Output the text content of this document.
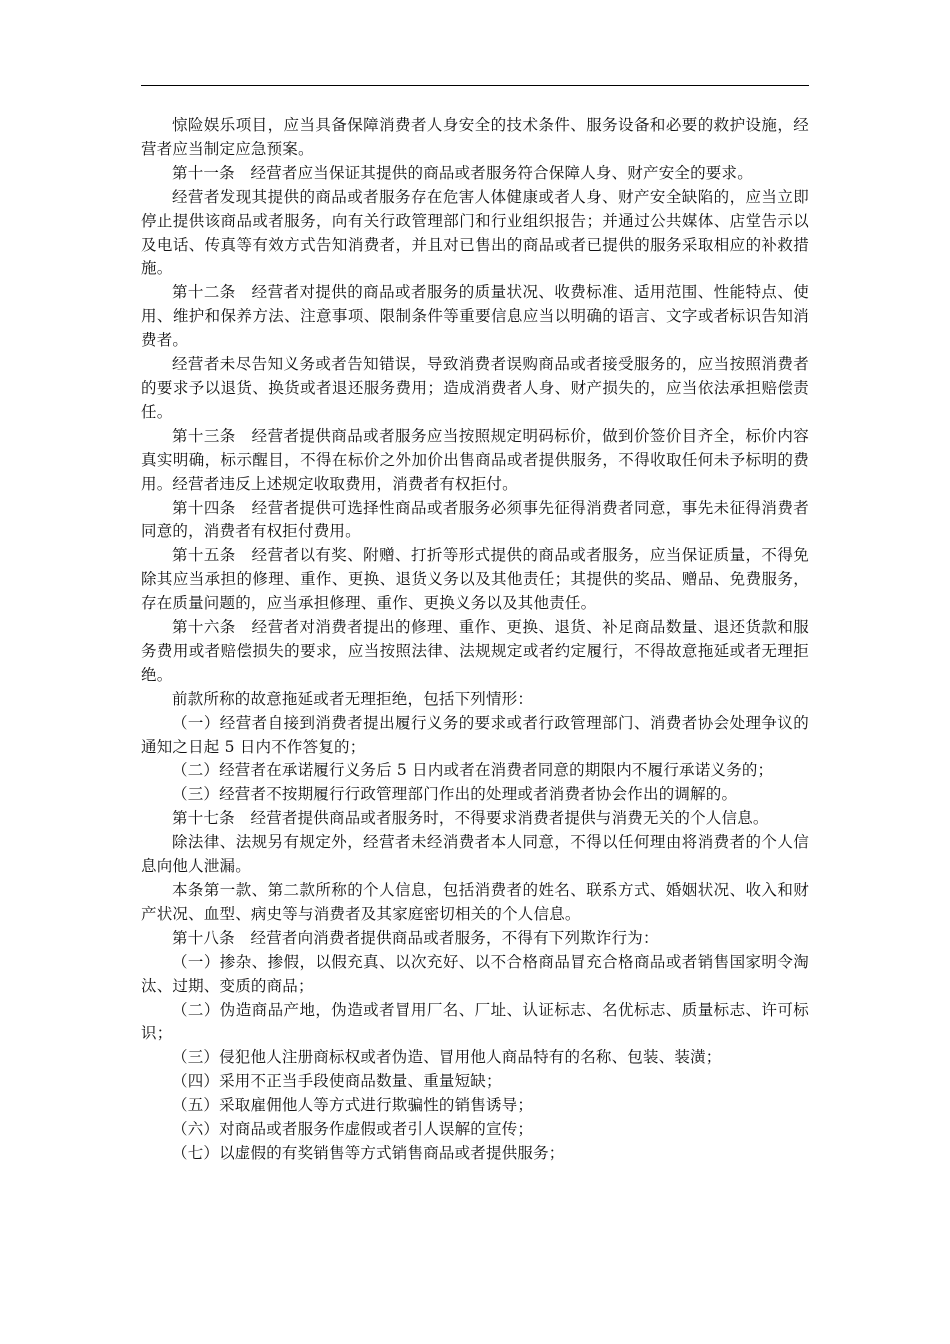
惊险娱乐项目，应当具备保障消费者人身安全的技术条件、服务设备和必要的救护设施，经营者应当制定应急预案。

第十一条　经营者应当保证其提供的商品或者服务符合保障人身、财产安全的要求。

经营者发现其提供的商品或者服务存在危害人体健康或者人身、财产安全缺陷的，应当立即停止提供该商品或者服务，向有关行政管理部门和行业组织报告；并通过公共媒体、店堂告示以及电话、传真等有效方式告知消费者，并且对已售出的商品或者已提供的服务采取相应的补救措施。

第十二条　经营者对提供的商品或者服务的质量状况、收费标准、适用范围、性能特点、使用、维护和保养方法、注意事项、限制条件等重要信息应当以明确的语言、文字或者标识告知消费者。

经营者未尽告知义务或者告知错误，导致消费者误购商品或者接受服务的，应当按照消费者的要求予以退货、换货或者退还服务费用；造成消费者人身、财产损失的，应当依法承担赔偿责任。

第十三条　经营者提供商品或者服务应当按照规定明码标价，做到价签价目齐全，标价内容真实明确，标示醒目，不得在标价之外加价出售商品或者提供服务，不得收取任何未予标明的费用。经营者违反上述规定收取费用，消费者有权拒付。

第十四条　经营者提供可选择性商品或者服务必须事先征得消费者同意，事先未征得消费者同意的，消费者有权拒付费用。

第十五条　经营者以有奖、附赠、打折等形式提供的商品或者服务，应当保证质量，不得免除其应当承担的修理、重作、更换、退货义务以及其他责任；其提供的奖品、赠品、免费服务，存在质量问题的，应当承担修理、重作、更换义务以及其他责任。

第十六条　经营者对消费者提出的修理、重作、更换、退货、补足商品数量、退还货款和服务费用或者赔偿损失的要求，应当按照法律、法规规定或者约定履行，不得故意拖延或者无理拒绝。

前款所称的故意拖延或者无理拒绝，包括下列情形：

（一）经营者自接到消费者提出履行义务的要求或者行政管理部门、消费者协会处理争议的通知之日起 5 日内不作答复的；

（二）经营者在承诺履行义务后 5 日内或者在消费者同意的期限内不履行承诺义务的；

（三）经营者不按期履行行政管理部门作出的处理或者消费者协会作出的调解的。

第十七条　经营者提供商品或者服务时，不得要求消费者提供与消费无关的个人信息。

除法律、法规另有规定外，经营者未经消费者本人同意，不得以任何理由将消费者的个人信息向他人泄漏。

本条第一款、第二款所称的个人信息，包括消费者的姓名、联系方式、婚姻状况、收入和财产状况、血型、病史等与消费者及其家庭密切相关的个人信息。

第十八条　经营者向消费者提供商品或者服务，不得有下列欺诈行为：

（一）掺杂、掺假，以假充真、以次充好、以不合格商品冒充合格商品或者销售国家明令淘汰、过期、变质的商品；

（二）伪造商品产地，伪造或者冒用厂名、厂址、认证标志、名优标志、质量标志、许可标识；

（三）侵犯他人注册商标权或者伪造、冒用他人商品特有的名称、包装、装潢；

（四）采用不正当手段使商品数量、重量短缺；

（五）采取雇佣他人等方式进行欺骗性的销售诱导；

（六）对商品或者服务作虚假或者引人误解的宣传；

（七）以虚假的有奖销售等方式销售商品或者提供服务；
